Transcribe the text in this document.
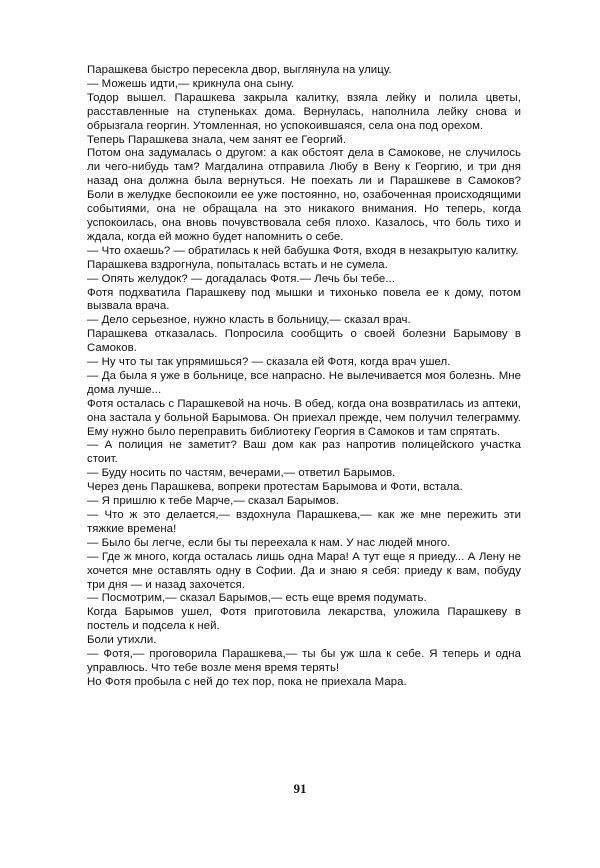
Парашкева быстро пересекла двор, выглянула на улицу.

— Можешь идти,— крикнула она сыну.

Тодор вышел. Парашкева закрыла калитку, взяла лейку и полила цветы, расставленные на ступеньках дома. Вернулась, наполнила лейку снова и обрызгала георгин. Утомленная, но успокоившаяся, села она под орехом.

Теперь Парашкева знала, чем занят ее Георгий.

Потом она задумалась о другом: а как обстоят дела в Самокове, не случилось ли чего-нибудь там? Магдалина отправила Любу в Вену к Георгию, и три дня назад она должна была вернуться. Не поехать ли и Парашкеве в Самоков? Боли в желудке беспокоили ее уже постоянно, но, озабоченная происходящими событиями, она не обращала на это никакого внимания. Но теперь, когда успокоилась, она вновь почувствовала себя плохо. Казалось, что боль тихо и ждала, когда ей можно будет напомнить о себе.

— Что охаешь? — обратилась к ней бабушка Фотя, входя в незакрытую калитку.

Парашкева вздрогнула, попыталась встать и не сумела.

— Опять желудок? — догадалась Фотя.— Лечь бы тебе...

Фотя подхватила Парашкеву под мышки и тихонько повела ее к дому, потом вызвала врача.

— Дело серьезное, нужно класть в больницу,— сказал врач.

Парашкева отказалась. Попросила сообщить о своей болезни Барымову в Самоков.

— Ну что ты так упрямишься? — сказала ей Фотя, когда врач ушел.

— Да была я уже в больнице, все напрасно. Не вылечивается моя болезнь. Мне дома лучше...

Фотя осталась с Парашкевой на ночь. В обед, когда она возвратилась из аптеки, она застала у больной Барымова. Он приехал прежде, чем получил телеграмму. Ему нужно было переправить библиотеку Георгия в Самоков и там спрятать.

— А полиция не заметит? Ваш дом как раз напротив полицейского участка стоит.

— Буду носить по частям, вечерами,— ответил Барымов.

Через день Парашкева, вопреки протестам Барымова и Фоти, встала.

— Я пришлю к тебе Марче,— сказал Барымов.

— Что ж это делается,— вздохнула Парашкева,— как же мне пережить эти тяжкие времена!

— Было бы легче, если бы ты переехала к нам. У нас людей много.

— Где ж много, когда осталась лишь одна Мара! А тут еще я приеду... А Лену не хочется мне оставлять одну в Софии. Да и знаю я себя: приеду к вам, побуду три дня — и назад захочется.

— Посмотрим,— сказал Барымов,— есть еще время подумать.

Когда Барымов ушел, Фотя приготовила лекарства, уложила Парашкеву в постель и подсела к ней.

Боли утихли.

— Фотя,— проговорила Парашкева,— ты бы уж шла к себе. Я теперь и одна управлюсь. Что тебе возле меня время терять!

Но Фотя пробыла с ней до тех пор, пока не приехала Мара.

91
